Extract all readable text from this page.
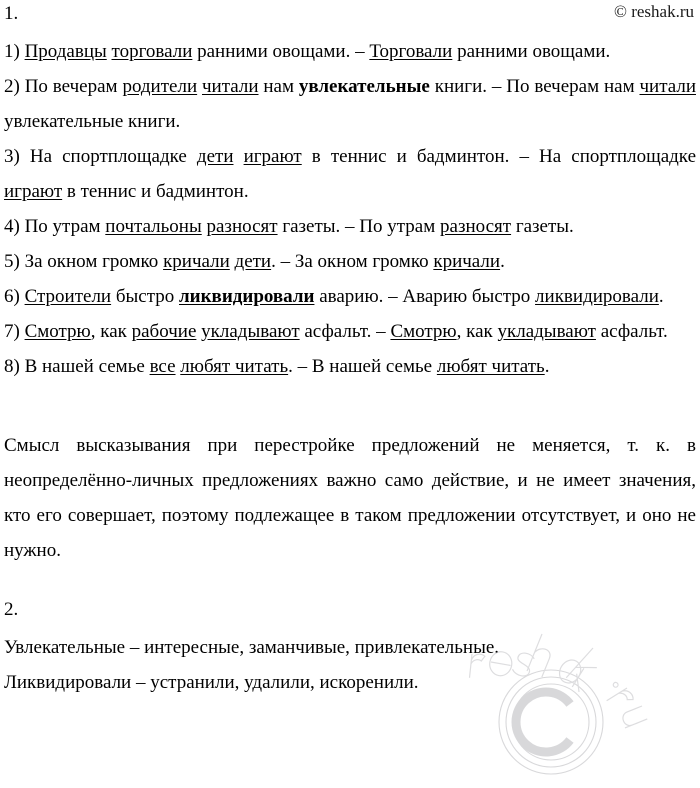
© reshak.ru
1.

1) Продавцы торговали ранними овощами. – Торговали ранними овощами.

2) По вечерам родители читали нам увлекательные книги. – По вечерам нам читали увлекательные книги.

3) На спортплощадке дети играют в теннис и бадминтон. – На спортплощадке играют в теннис и бадминтон.

4) По утрам почтальоны разносят газеты. – По утрам разносят газеты.

5) За окном громко кричали дети. – За окном громко кричали.

6) Строители быстро ликвидировали аварию. – Аварию быстро ликвидировали.

7) Смотрю, как рабочие укладывают асфальт. – Смотрю, как укладывают асфальт.

8) В нашей семье все любят читать. – В нашей семье любят читать.

Смысл высказывания при перестройке предложений не меняется, т. к. в неопределённо-личных предложениях важно само действие, и не имеет значения, кто его совершает, поэтому подлежащее в таком предложении отсутствует, и оно не нужно.

2.

Увлекательные – интересные, заманчивые, привлекательные.

Ликвидировали – устранили, удалили, искоренили.
